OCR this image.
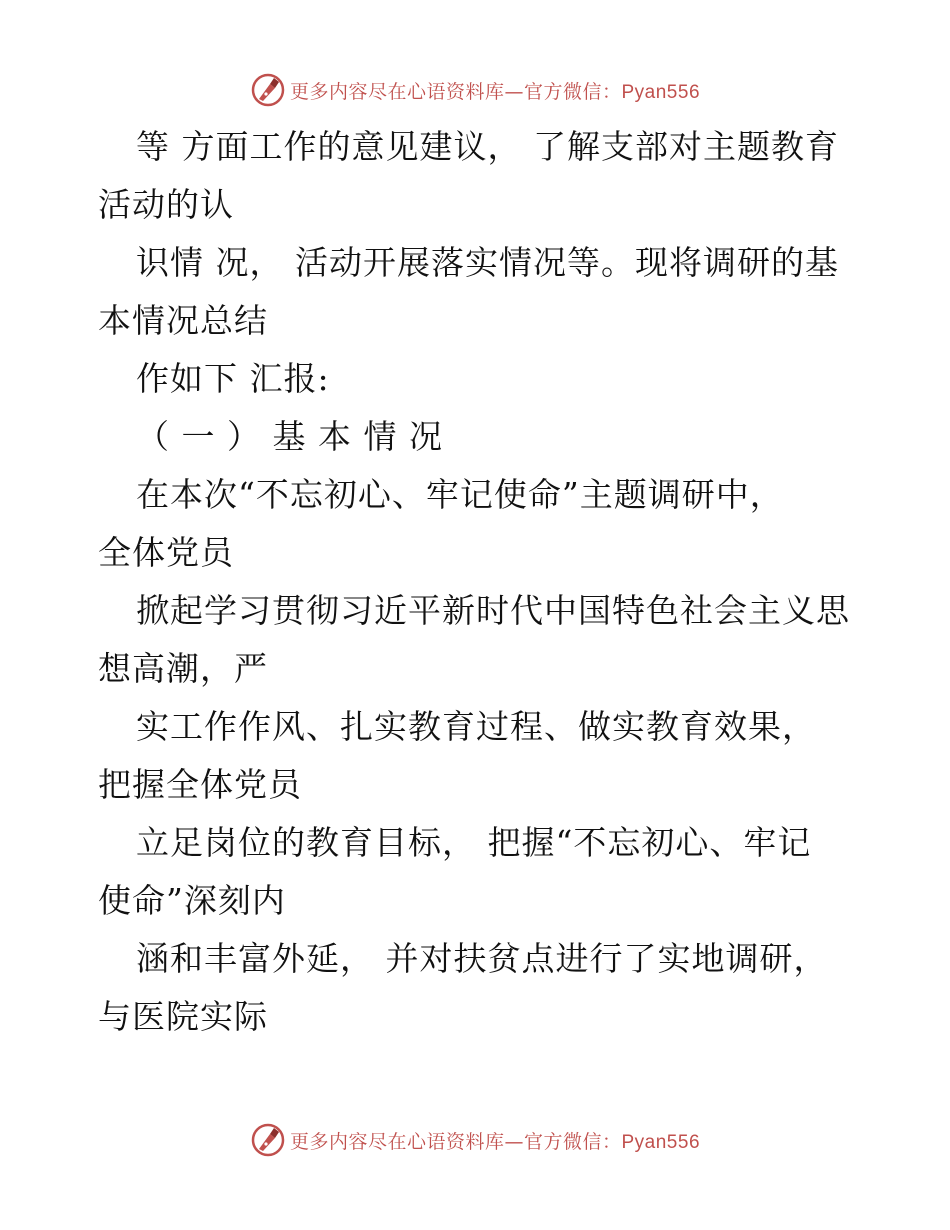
更多内容尽在心语资料库—官方微信：Pyan556
等 方面工作的意见建议， 了解支部对主题教育
活动的认
识情 况， 活动开展落实情况等。现将调研的基
本情况总结
作如下 汇报:
（ 一 ） 基 本 情 况
在本次“不忘初心、牢记使命”主题调研中，
全体党员
掀起学习贯彻习近平新时代中国特色社会主义思
想高潮，严
实工作作风、扎实教育过程、做实教育效果，
把握全体党员
立足岗位的教育目标， 把握“不忘初心、牢记
使命”深刻内
涵和丰富外延， 并对扶贫点进行了实地调研，
与医院实际
更多内容尽在心语资料库—官方微信：Pyan556
